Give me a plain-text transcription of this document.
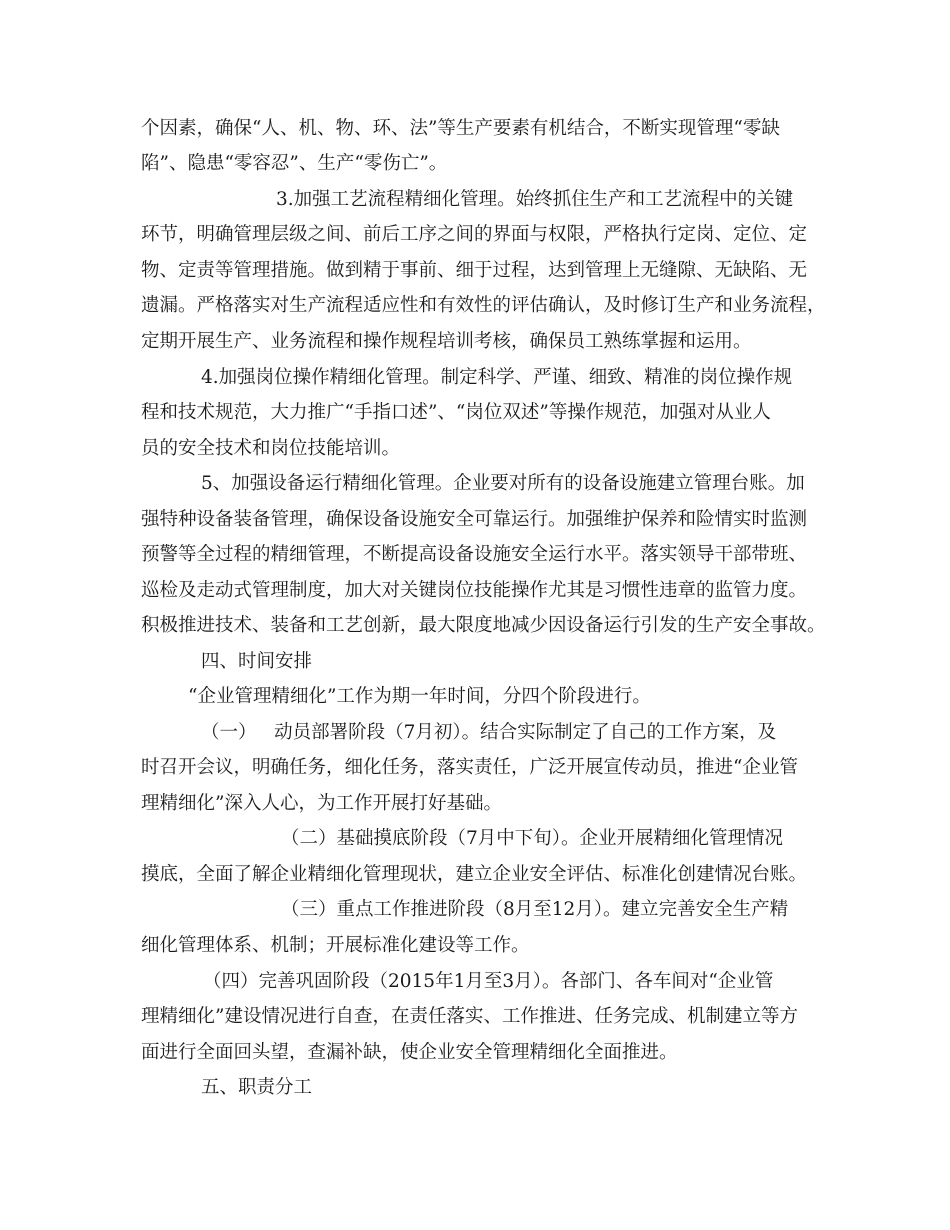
个因素，确保“人、机、物、环、法”等生产要素有机结合，不断实现管理“零缺
陷”、隐患“零容忍”、生产“零伤亡”。
3.加强工艺流程精细化管理。始终抓住生产和工艺流程中的关键
环节，明确管理层级之间、前后工序之间的界面与权限，严格执行定岗、定位、定
物、定责等管理措施。做到精于事前、细于过程，达到管理上无缝隙、无缺陷、无
遗漏。严格落实对生产流程适应性和有效性的评估确认，及时修订生产和业务流程，
定期开展生产、业务流程和操作规程培训考核，确保员工熟练掌握和运用。
4.加强岗位操作精细化管理。制定科学、严谨、细致、精准的岗位操作规
程和技术规范，大力推广“手指口述”、“岗位双述”等操作规范，加强对从业人
员的安全技术和岗位技能培训。
5、加强设备运行精细化管理。企业要对所有的设备设施建立管理台账。加
强特种设备装备管理，确保设备设施安全可靠运行。加强维护保养和险情实时监测
预警等全过程的精细管理，不断提高设备设施安全运行水平。落实领导干部带班、
巡检及走动式管理制度，加大对关键岗位技能操作尤其是习惯性违章的监管力度。
积极推进技术、装备和工艺创新，最大限度地减少因设备运行引发的生产安全事故。
四、时间安排
“企业管理精细化”工作为期一年时间，分四个阶段进行。
（一）   动员部署阶段（7月初）。结合实际制定了自己的工作方案，及
时召开会议，明确任务，细化任务，落实责任，广泛开展宣传动员，推进“企业管
理精细化”深入人心，为工作开展打好基础。
（二）基础摸底阶段（7月中下旬）。企业开展精细化管理情况
摸底，全面了解企业精细化管理现状，建立企业安全评估、标准化创建情况台账。
（三）重点工作推进阶段（8月至12月）。建立完善安全生产精
细化管理体系、机制；开展标准化建设等工作。
（四）完善巩固阶段（2015年1月至3月）。各部门、各车间对“企业管
理精细化”建设情况进行自查，在责任落实、工作推进、任务完成、机制建立等方
面进行全面回头望，查漏补缺，使企业安全管理精细化全面推进。
五、职责分工
